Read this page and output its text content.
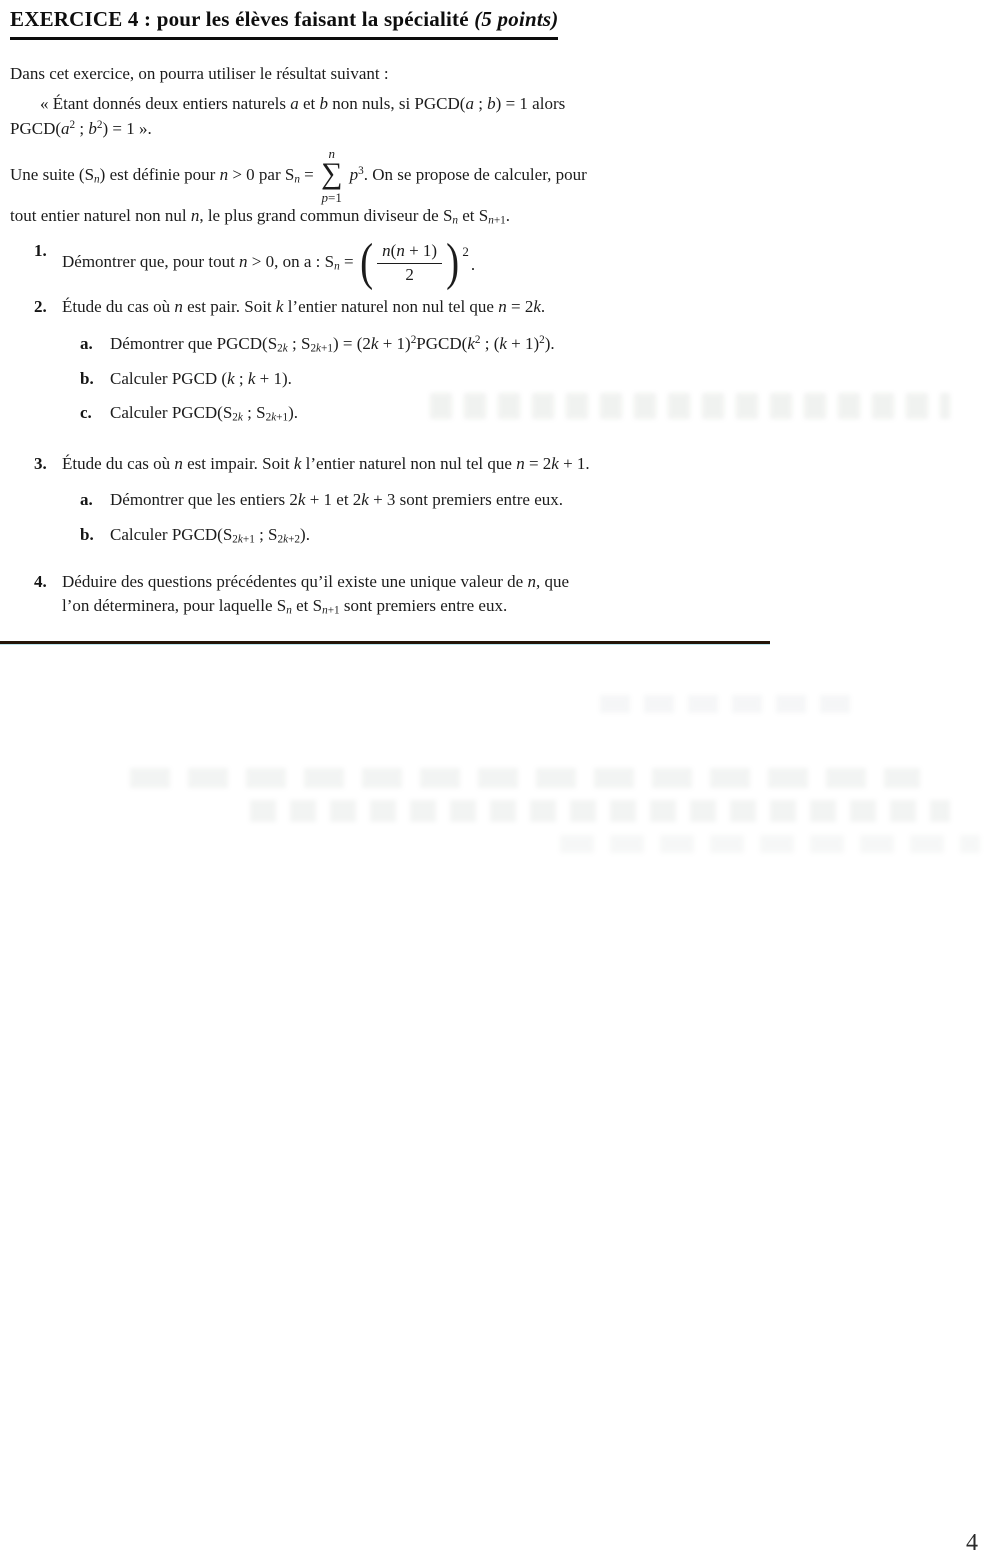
EXERCICE 4 : pour les élèves faisant la spécialité (5 points)

Dans cet exercice, on pourra utiliser le résultat suivant :

« Étant donnés deux entiers naturels a et b non nuls, si PGCD(a ; b) = 1 alors
$PGCD(a^2$ ; $b^2) = 1$ ».

Une suite (Sn) est définie pour n > 0 par Sn =
n
∑
p=1
$p^3$. On se propose de calculer, pour
tout entier naturel non nul n, le plus grand commun diviseur de Sn et Sn+1.

1.
Démontrer que, pour tout n > 0, on a : Sn = ( $\frac{n(n + 1)}{2}$ ) 2
.
2. Étude du cas où n est pair. Soit k l’entier naturel non nul tel que n = 2k.
a.	Démontrer que PGCD(S2k ; $S2k+1) = (2k + 1)^2PGCD(k^2$ ; $(k + 1)^2$).
b. Calculer PGCD (k ; k + 1).
c.	Calculer PGCD(S2k ; S2k+1).
3. Étude du cas où n est impair. Soit k l’entier naturel non nul tel que n = 2k + 1.
a.	Démontrer que les entiers 2k + 1 et 2k + 3 sont premiers entre eux.
b. Calculer PGCD(S2k+1 ; S2k+2).
4. Déduire des questions précédentes qu’il existe une unique valeur de n, que
l’on déterminera, pour laquelle Sn et Sn+1 sont premiers entre eux.
4
